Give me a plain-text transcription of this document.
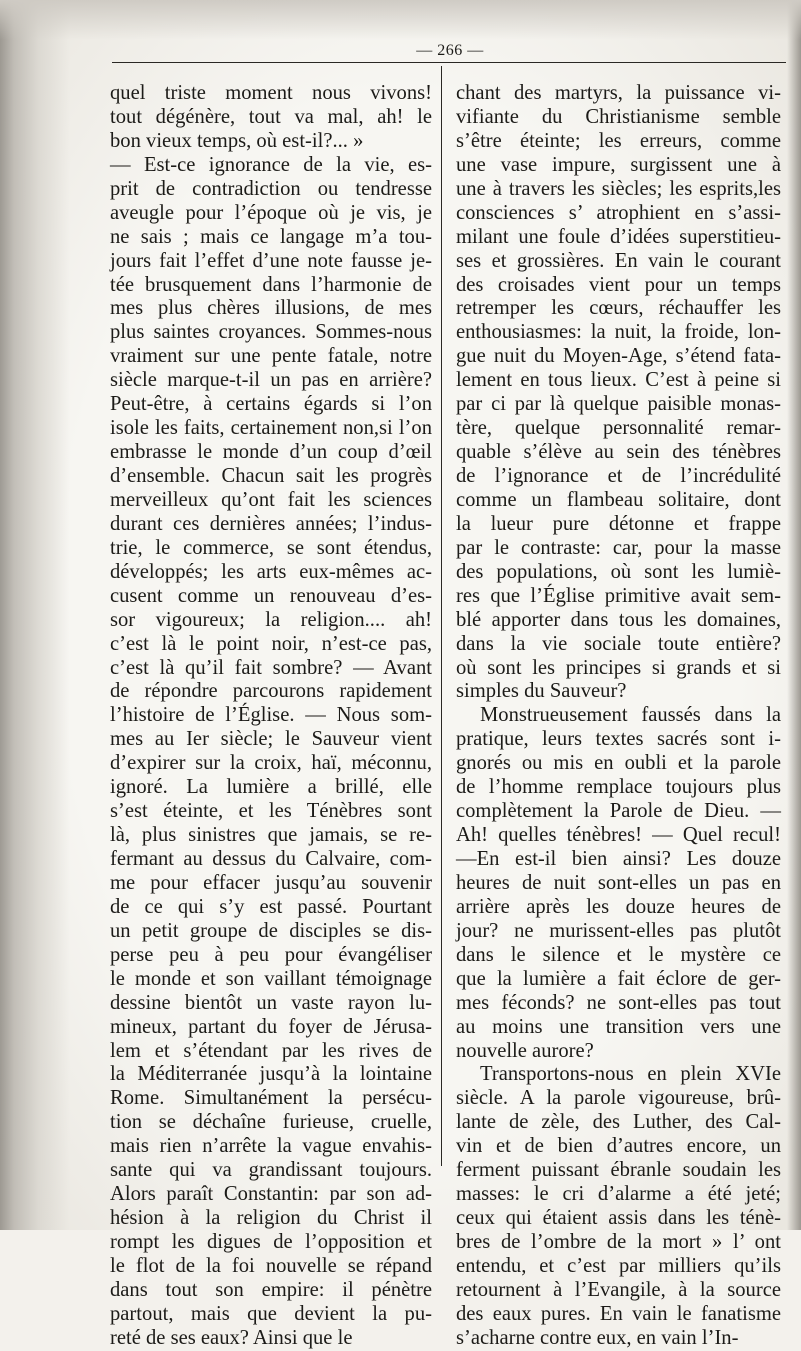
— 266 —
quel triste moment nous vivons!
tout dégénère, tout va mal, ah! le
bon vieux temps, où est-il?... »
— Est-ce ignorance de la vie, es-
prit de contradiction ou tendresse
aveugle pour l’époque où je vis, je
ne sais ; mais ce langage m’a tou-
jours fait l’effet d’une note fausse je-
tée brusquement dans l’harmonie de
mes plus chères illusions, de mes
plus saintes croyances. Sommes-nous
vraiment sur une pente fatale, notre
siècle marque-t-il un pas en arrière?
Peut-être, à certains égards si l’on
isole les faits, certainement non,si l’on
embrasse le monde d’un coup d’œil
d’ensemble. Chacun sait les progrès
merveilleux qu’ont fait les sciences
durant ces dernières années; l’indus-
trie, le commerce, se sont étendus,
développés; les arts eux-mêmes ac-
cusent comme un renouveau d’es-
sor vigoureux; la religion.... ah!
c’est là le point noir, n’est-ce pas,
c’est là qu’il fait sombre? — Avant
de répondre parcourons rapidement
l’histoire de l’Église. — Nous som-
mes au Ier siècle; le Sauveur vient
d’expirer sur la croix, haï, méconnu,
ignoré. La lumière a brillé, elle
s’est éteinte, et les Ténèbres sont
là, plus sinistres que jamais, se re-
fermant au dessus du Calvaire, com-
me pour effacer jusqu’au souvenir
de ce qui s’y est passé. Pourtant
un petit groupe de disciples se dis-
perse peu à peu pour évangéliser
le monde et son vaillant témoignage
dessine bientôt un vaste rayon lu-
mineux, partant du foyer de Jérusa-
lem et s’étendant par les rives de
la Méditerranée jusqu’à la lointaine
Rome. Simultanément la persécu-
tion se déchaîne furieuse, cruelle,
mais rien n’arrête la vague envahis-
sante qui va grandissant toujours.
Alors paraît Constantin: par son ad-
hésion à la religion du Christ il
rompt les digues de l’opposition et
le flot de la foi nouvelle se répand
dans tout son empire: il pénètre
partout, mais que devient la pu-
reté de ses eaux? Ainsi que le
chant des martyrs, la puissance vi-
vifiante du Christianisme semble
s’être éteinte; les erreurs, comme
une vase impure, surgissent une à
une à travers les siècles; les esprits,les
consciences s’ atrophient en s’assi-
milant une foule d’idées superstitieu-
ses et grossières. En vain le courant
des croisades vient pour un temps
retremper les cœurs, réchauffer les
enthousiasmes: la nuit, la froide, lon-
gue nuit du Moyen-Age, s’étend fata-
lement en tous lieux. C’est à peine si
par ci par là quelque paisible monas-
tère, quelque personnalité remar-
quable s’élève au sein des ténèbres
de l’ignorance et de l’incrédulité
comme un flambeau solitaire, dont
la lueur pure détonne et frappe
par le contraste: car, pour la masse
des populations, où sont les lumiè-
res que l’Église primitive avait sem-
blé apporter dans tous les domaines,
dans la vie sociale toute entière?
où sont les principes si grands et si
simples du Sauveur?
Monstrueusement faussés dans la
pratique, leurs textes sacrés sont i-
gnorés ou mis en oubli et la parole
de l’homme remplace toujours plus
complètement la Parole de Dieu. —
Ah! quelles ténèbres! — Quel recul!
—En est-il bien ainsi? Les douze
heures de nuit sont-elles un pas en
arrière après les douze heures de
jour? ne murissent-elles pas plutôt
dans le silence et le mystère ce
que la lumière a fait éclore de ger-
mes féconds? ne sont-elles pas tout
au moins une transition vers une
nouvelle aurore?
Transportons-nous en plein XVIe
siècle. A la parole vigoureuse, brû-
lante de zèle, des Luther, des Cal-
vin et de bien d’autres encore, un
ferment puissant ébranle soudain les
masses: le cri d’alarme a été jeté;
ceux qui étaient assis dans les ténè-
bres de l’ombre de la mort » l’ ont
entendu, et c’est par milliers qu’ils
retournent à l’Evangile, à la source
des eaux pures. En vain le fanatisme
s’acharne contre eux, en vain l’In-
